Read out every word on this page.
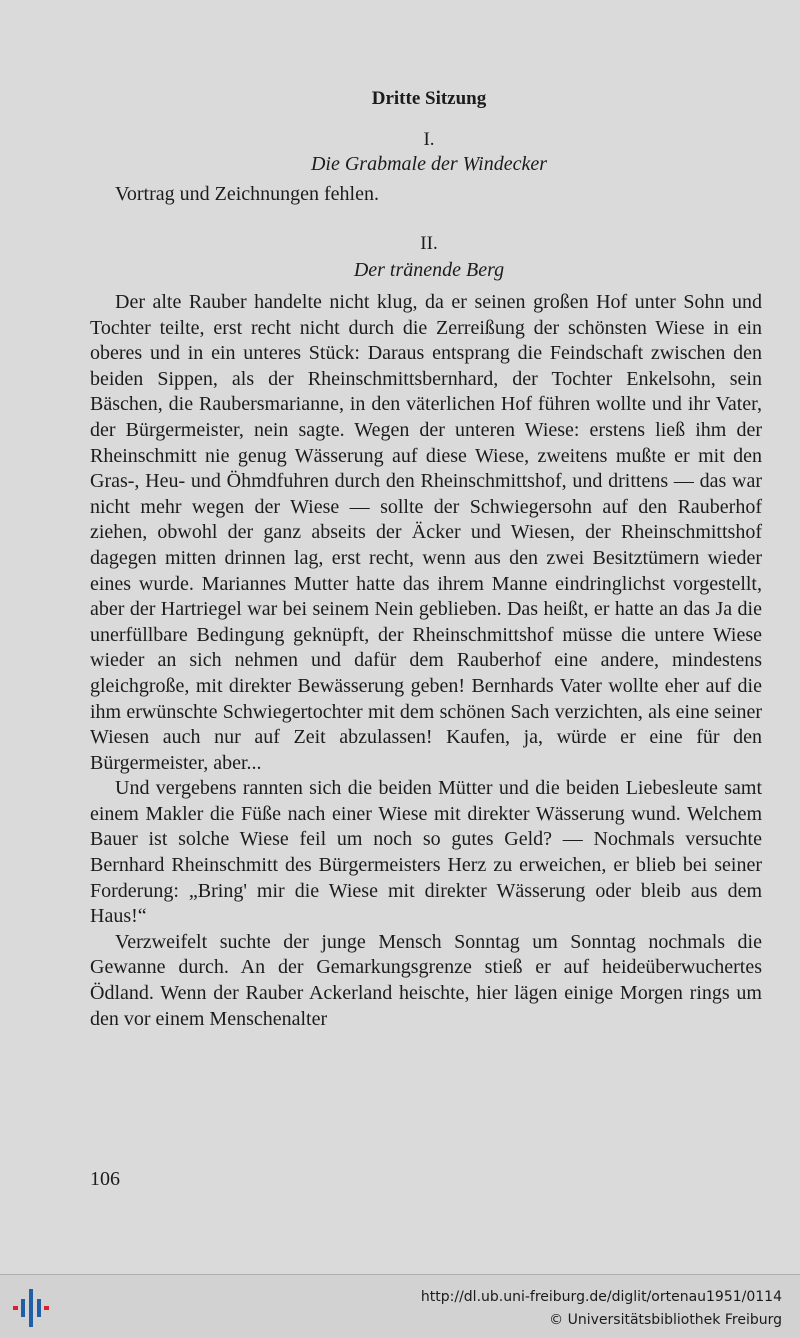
Dritte Sitzung
I.
Die Grabmale der Windecker
Vortrag und Zeichnungen fehlen.
II.
Der tränende Berg

Der alte Rauber handelte nicht klug, da er seinen großen Hof unter Sohn und Tochter teilte, erst recht nicht durch die Zerreißung der schönsten Wiese in ein oberes und in ein unteres Stück: Daraus entsprang die Feindschaft zwischen den beiden Sippen, als der Rheinschmittsbernhard, der Tochter Enkelsohn, sein Bäschen, die Raubersmarianne, in den väterlichen Hof führen wollte und ihr Vater, der Bürgermeister, nein sagte. Wegen der unteren Wiese: erstens ließ ihm der Rheinschmitt nie genug Wässerung auf diese Wiese, zweitens mußte er mit den Gras-, Heu- und Öhmdfuhren durch den Rheinschmittshof, und drittens — das war nicht mehr wegen der Wiese — sollte der Schwiegersohn auf den Rauberhof ziehen, obwohl der ganz abseits der Äcker und Wiesen, der Rheinschmittshof dagegen mitten drinnen lag, erst recht, wenn aus den zwei Besitztümern wieder eines wurde. Mariannes Mutter hatte das ihrem Manne eindringlichst vorgestellt, aber der Hartriegel war bei seinem Nein geblieben. Das heißt, er hatte an das Ja die unerfüllbare Bedingung geknüpft, der Rheinschmittshof müsse die untere Wiese wieder an sich nehmen und dafür dem Rauberhof eine andere, mindestens gleichgroße, mit direkter Bewässerung geben! Bernhards Vater wollte eher auf die ihm erwünschte Schwiegertochter mit dem schönen Sach verzichten, als eine seiner Wiesen auch nur auf Zeit abzulassen! Kaufen, ja, würde er eine für den Bürgermeister, aber...

Und vergebens rannten sich die beiden Mütter und die beiden Liebesleute samt einem Makler die Füße nach einer Wiese mit direkter Wässerung wund. Welchem Bauer ist solche Wiese feil um noch so gutes Geld? — Nochmals versuchte Bernhard Rheinschmitt des Bürgermeisters Herz zu erweichen, er blieb bei seiner Forderung: „Bring' mir die Wiese mit direkter Wässerung oder bleib aus dem Haus!“

Verzweifelt suchte der junge Mensch Sonntag um Sonntag nochmals die Gewanne durch. An der Gemarkungsgrenze stieß er auf heideüberwuchertes Ödland. Wenn der Rauber Ackerland heischte, hier lägen einige Morgen rings um den vor einem Menschenalter

106
http://dl.ub.uni-freiburg.de/diglit/ortenau1951/0114
© Universitätsbibliothek Freiburg
